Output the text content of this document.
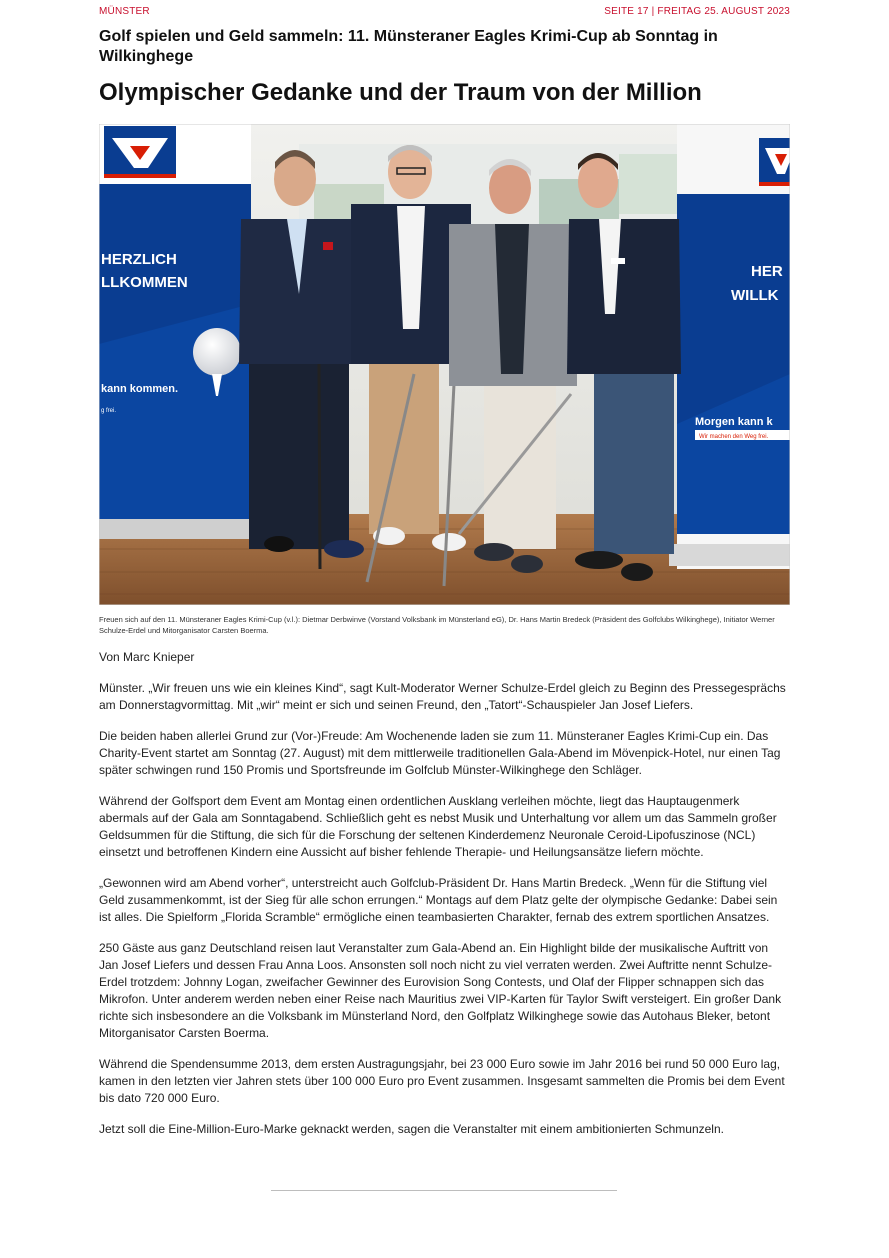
MÜNSTER	SEITE 17 | FREITAG 25. AUGUST 2023
Golf spielen und Geld sammeln: 11. Münsteraner Eagles Krimi-Cup ab Sonntag in Wilkinghege
Olympischer Gedanke und der Traum von der Million
HERZLICH
LLKOMMEN
kann kommen.
g frei.
HER
WILLK
Morgen kann k
Wir machen den Weg frei.
Freuen sich auf den 11. Münsteraner Eagles Krimi-Cup (v.l.): Dietmar Derbwinve (Vorstand Volksbank im Münsterland eG), Dr. Hans Martin Bredeck (Präsident des Golfclubs Wilkinghege), Initiator Werner Schulze-Erdel und Mitorganisator Carsten Boerma.
Von Marc Knieper

Münster. „Wir freuen uns wie ein kleines Kind“, sagt Kult-Moderator Werner Schulze-Erdel gleich zu Beginn des Pressegesprächs am Donnerstagvormittag. Mit „wir“ meint er sich und seinen Freund, den „Tatort“-Schauspieler Jan Josef Liefers.

Die beiden haben allerlei Grund zur (Vor-)Freude: Am Wochenende laden sie zum 11. Münsteraner Eagles Krimi-Cup ein. Das Charity-Event startet am Sonntag (27. August) mit dem mittlerweile traditionellen Gala-Abend im Mövenpick-Hotel, nur einen Tag später schwingen rund 150 Promis und Sportsfreunde im Golfclub Münster-Wilkinghege den Schläger.

Während der Golfsport dem Event am Montag einen ordentlichen Ausklang verleihen möchte, liegt das Hauptaugenmerk abermals auf der Gala am Sonntagabend. Schließlich geht es nebst Musik und Unterhaltung vor allem um das Sammeln großer Geldsummen für die Stiftung, die sich für die Forschung der seltenen Kinderdemenz Neuronale Ceroid-Lipofuszinose (NCL) einsetzt und betroffenen Kindern eine Aussicht auf bisher fehlende Therapie- und Heilungsansätze liefern möchte.

„Gewonnen wird am Abend vorher“, unterstreicht auch Golfclub-Präsident Dr. Hans Martin Bredeck. „Wenn für die Stiftung viel Geld zusammenkommt, ist der Sieg für alle schon errungen.“ Montags auf dem Platz gelte der olympische Gedanke: Dabei sein ist alles. Die Spielform „Florida Scramble“ ermögliche einen teambasierten Charakter, fernab des extrem sportlichen Ansatzes.

250 Gäste aus ganz Deutschland reisen laut Veranstalter zum Gala-Abend an. Ein Highlight bilde der musikalische Auftritt von Jan Josef Liefers und dessen Frau Anna Loos. Ansonsten soll noch nicht zu viel verraten werden. Zwei Auftritte nennt Schulze-Erdel trotzdem: Johnny Logan, zweifacher Gewinner des Eurovision Song Contests, und Olaf der Flipper schnappen sich das Mikrofon. Unter anderem werden neben einer Reise nach Mauritius zwei VIP-Karten für Taylor Swift versteigert. Ein großer Dank richte sich insbesondere an die Volksbank im Münsterland Nord, den Golfplatz Wilkinghege sowie das Autohaus Bleker, betont Mitorganisator Carsten Boerma.

Während die Spendensumme 2013, dem ersten Austragungsjahr, bei 23 000 Euro sowie im Jahr 2016 bei rund 50 000 Euro lag, kamen in den letzten vier Jahren stets über 100 000 Euro pro Event zusammen. Insgesamt sammelten die Promis bei dem Event bis dato 720 000 Euro.

Jetzt soll die Eine-Million-Euro-Marke geknackt werden, sagen die Veranstalter mit einem ambitionierten Schmunzeln.
